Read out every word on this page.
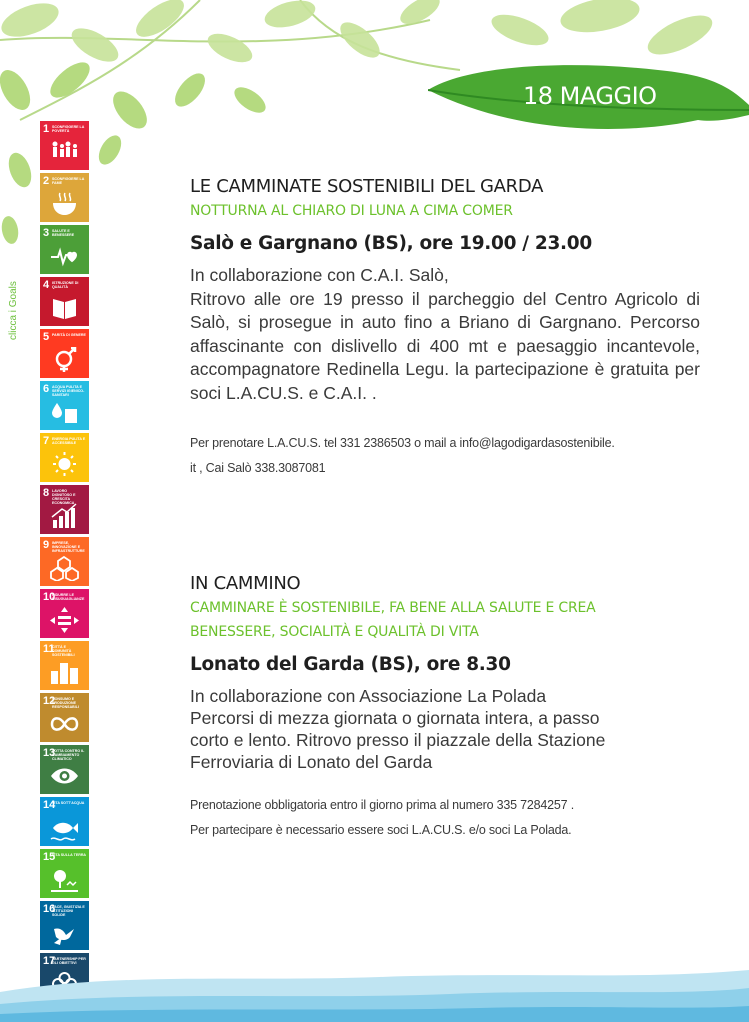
18 MAGGIO
clicca i Goals
1 SCONFIGGERE LA POVERTÀ
2 SCONFIGGERE LA FAME
3 SALUTE E BENESSERE
4 ISTRUZIONE DI QUALITÀ
5 PARITÀ DI GENERE
6 ACQUA PULITA E SERVIZI IGIENICO-SANITARI
7 ENERGIA PULITA E ACCESSIBILE
8 LAVORO DIGNITOSO E CRESCITA ECONOMICA
9 IMPRESE, INNOVAZIONE E INFRASTRUTTURE
10
RIDURRE LE DISUGUAGLIANZE
11
CITTÀ E COMUNITÀ SOSTENIBILI
12
CONSUMO E PRODUZIONE RESPONSABILI
13
LOTTA CONTRO IL CAMBIAMENTO CLIMATICO
14
VITA SOTT'ACQUA
15
VITA SULLA TERRA
16
PACE, GIUSTIZIA E ISTITUZIONI SOLIDE
17
PARTNERSHIP PER GLI OBIETTIVI
LE CAMMINATE SOSTENIBILI DEL GARDA
NOTTURNA AL CHIARO DI LUNA A CIMA COMER
Salò e Gargnano (BS), ore 19.00 / 23.00
In collaborazione con C.A.I. Salò,
Ritrovo alle ore 19 presso il parcheggio del Centro Agricolo di Salò, si prosegue in auto fino a Briano di Gargnano. Percorso affascinante con dislivello di 400 mt e paesaggio incantevole, accompagnatore Redinella Legu. la partecipazione è gratuita per soci L.A.CU.S. e C.A.I. .
Per prenotare L.A.CU.S. tel 331 2386503 o mail a info@lagodigardasostenibile.
it , Cai Salò 338.3087081
IN CAMMINO
CAMMINARE È SOSTENIBILE, FA BENE ALLA SALUTE E CREA
BENESSERE, SOCIALITÀ E QUALITÀ DI VITA
Lonato del Garda (BS), ore 8.30
In collaborazione con Associazione La Polada
Percorsi di mezza giornata o giornata intera, a passo
corto e lento. Ritrovo presso il piazzale della Stazione
Ferroviaria di Lonato del Garda
Prenotazione obbligatoria entro il giorno prima al numero 335 7284257 .
Per partecipare è necessario essere soci L.A.CU.S. e/o soci La Polada.
